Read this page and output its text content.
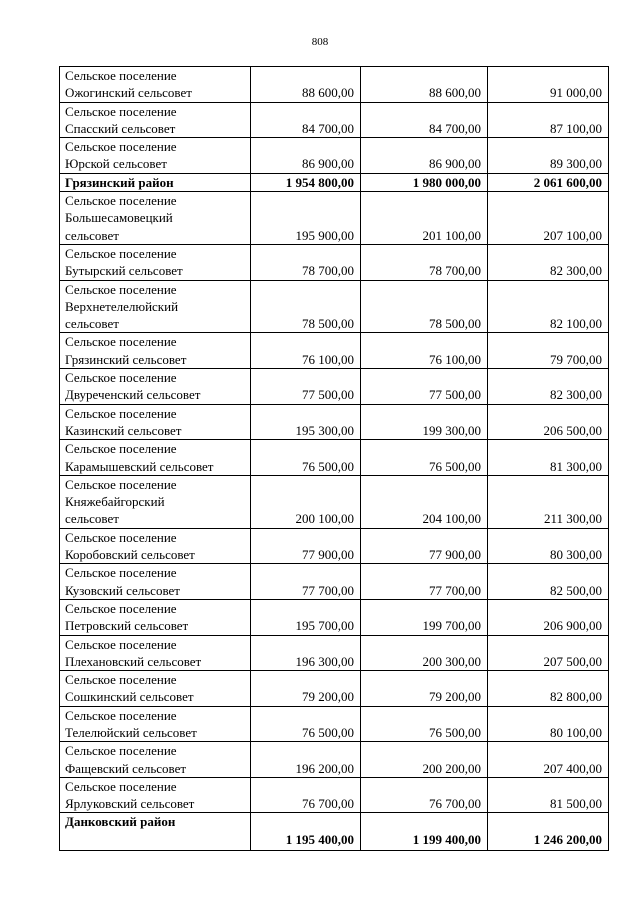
808
Сельское поселение
Ожогинский сельсовет	88 600,00	88 600,00	91 000,00

Сельское поселение
Спасский сельсовет	84 700,00	84 700,00	87 100,00

Сельское поселение
Юрской сельсовет	86 900,00	86 900,00	89 300,00

Грязинский район	1 954 800,00	1 980 000,00	2 061 600,00

Сельское поселение
Большесамовецкий
сельсовет	195 900,00	201 100,00	207 100,00

Сельское поселение
Бутырский сельсовет	78 700,00	78 700,00	82 300,00

Сельское поселение
Верхнетелелюйский
сельсовет	78 500,00	78 500,00	82 100,00

Сельское поселение
Грязинский сельсовет	76 100,00	76 100,00	79 700,00

Сельское поселение
Двуреченский сельсовет	77 500,00	77 500,00	82 300,00

Сельское поселение
Казинский сельсовет	195 300,00	199 300,00	206 500,00

Сельское поселение
Карамышевский сельсовет	76 500,00	76 500,00	81 300,00

Сельское поселение
Княжебайгорский
сельсовет	200 100,00	204 100,00	211 300,00

Сельское поселение
Коробовский сельсовет	77 900,00	77 900,00	80 300,00

Сельское поселение
Кузовский сельсовет	77 700,00	77 700,00	82 500,00

Сельское поселение
Петровский сельсовет	195 700,00	199 700,00	206 900,00

Сельское поселение
Плехановский сельсовет	196 300,00	200 300,00	207 500,00

Сельское поселение
Сошкинский сельсовет	79 200,00	79 200,00	82 800,00

Сельское поселение
Телелюйский сельсовет	76 500,00	76 500,00	80 100,00

Сельское поселение
Фащевский сельсовет	196 200,00	200 200,00	207 400,00

Сельское поселение
Ярлуковский сельсовет	76 700,00	76 700,00	81 500,00

Данковский район	1 195 400,00	1 199 400,00	1 246 200,00
